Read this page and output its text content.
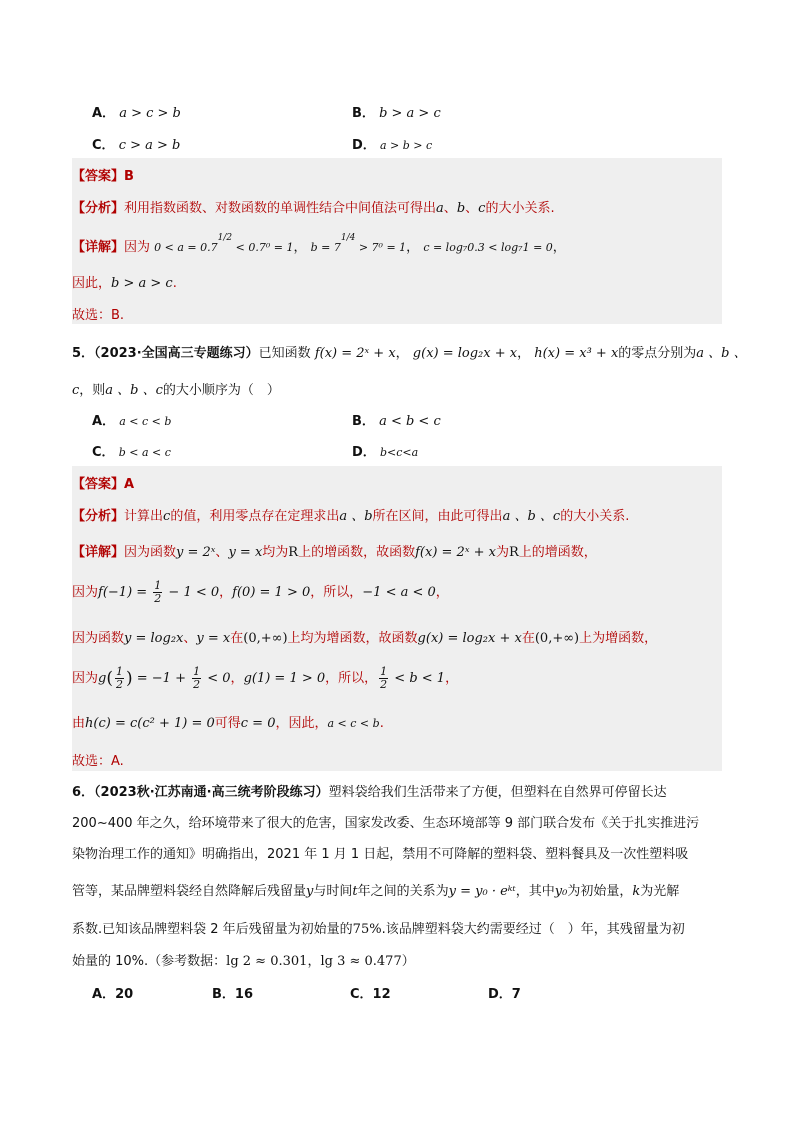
A． a > c > b	B． b > a > c
C． c > a > b	D． a > b > c
【答案】B
【分析】利用指数函数、对数函数的单调性结合中间值法可得出a、b、c的大小关系.
【详解】因为 $0 < a = 0.7^{1/2} < 0.7^0 = 1$， $b = 7^{1/4} > 7^0 = 1$， c = log₇0.3 < log₇1 = 0，
因此，b > a > c.
故选：B.
5．（2023·全国高三专题练习）已知函数 f(x) = 2ˣ + x， g(x) = log₂x + x， h(x) = x³ + x的零点分别为a 、b 、
c，则a 、b 、c的大小顺序为（　）
A． a < c < b	B． a < b < c
C． b < a < c	D． b<c<a
【答案】A
【分析】计算出c的值，利用零点存在定理求出a 、b所在区间，由此可得出a 、b 、c的大小关系.
【详解】因为函数y = 2ˣ、y = x均为R上的增函数，故函数f(x) = 2ˣ + x为R上的增函数，
因为$f(-1) = \frac{1}{2} - 1 < 0$，f(0) = 1 > 0，所以，−1 < a < 0，
因为函数y = log₂x、y = x在(0,+∞)上均为增函数，故函数g(x) = log₂x + x在(0,+∞)上为增函数，
因为$g( \frac{1}{2}$ ) = $-1 + \frac{1}{2} < 0$，g(1) = 1 > 0，所以， $\frac{1}{2} < b < 1$，
由h(c) = c(c² + 1) = 0可得c = 0，因此，a < c < b.
故选：A.
6．（2023秋·江苏南通·高三统考阶段练习）塑料袋给我们生活带来了方便，但塑料在自然界可停留长达
200~400 年之久，给环境带来了很大的危害，国家发改委、生态环境部等 9 部门联合发布《关于扎实推进污
染物治理工作的通知》明确指出，2021 年 1 月 1 日起，禁用不可降解的塑料袋、塑料餐具及一次性塑料吸
管等，某品牌塑料袋经自然降解后残留量y与时间t年之间的关系为y = y₀ · eᵏᵗ，其中y₀为初始量，k为光解
系数.已知该品牌塑料袋 2 年后残留量为初始量的75%.该品牌塑料袋大约需要经过（　）年，其残留量为初
始量的 10%.（参考数据：lg 2 ≈ 0.301，lg 3 ≈ 0.477）
A．20	B．16	C．12	D．7
